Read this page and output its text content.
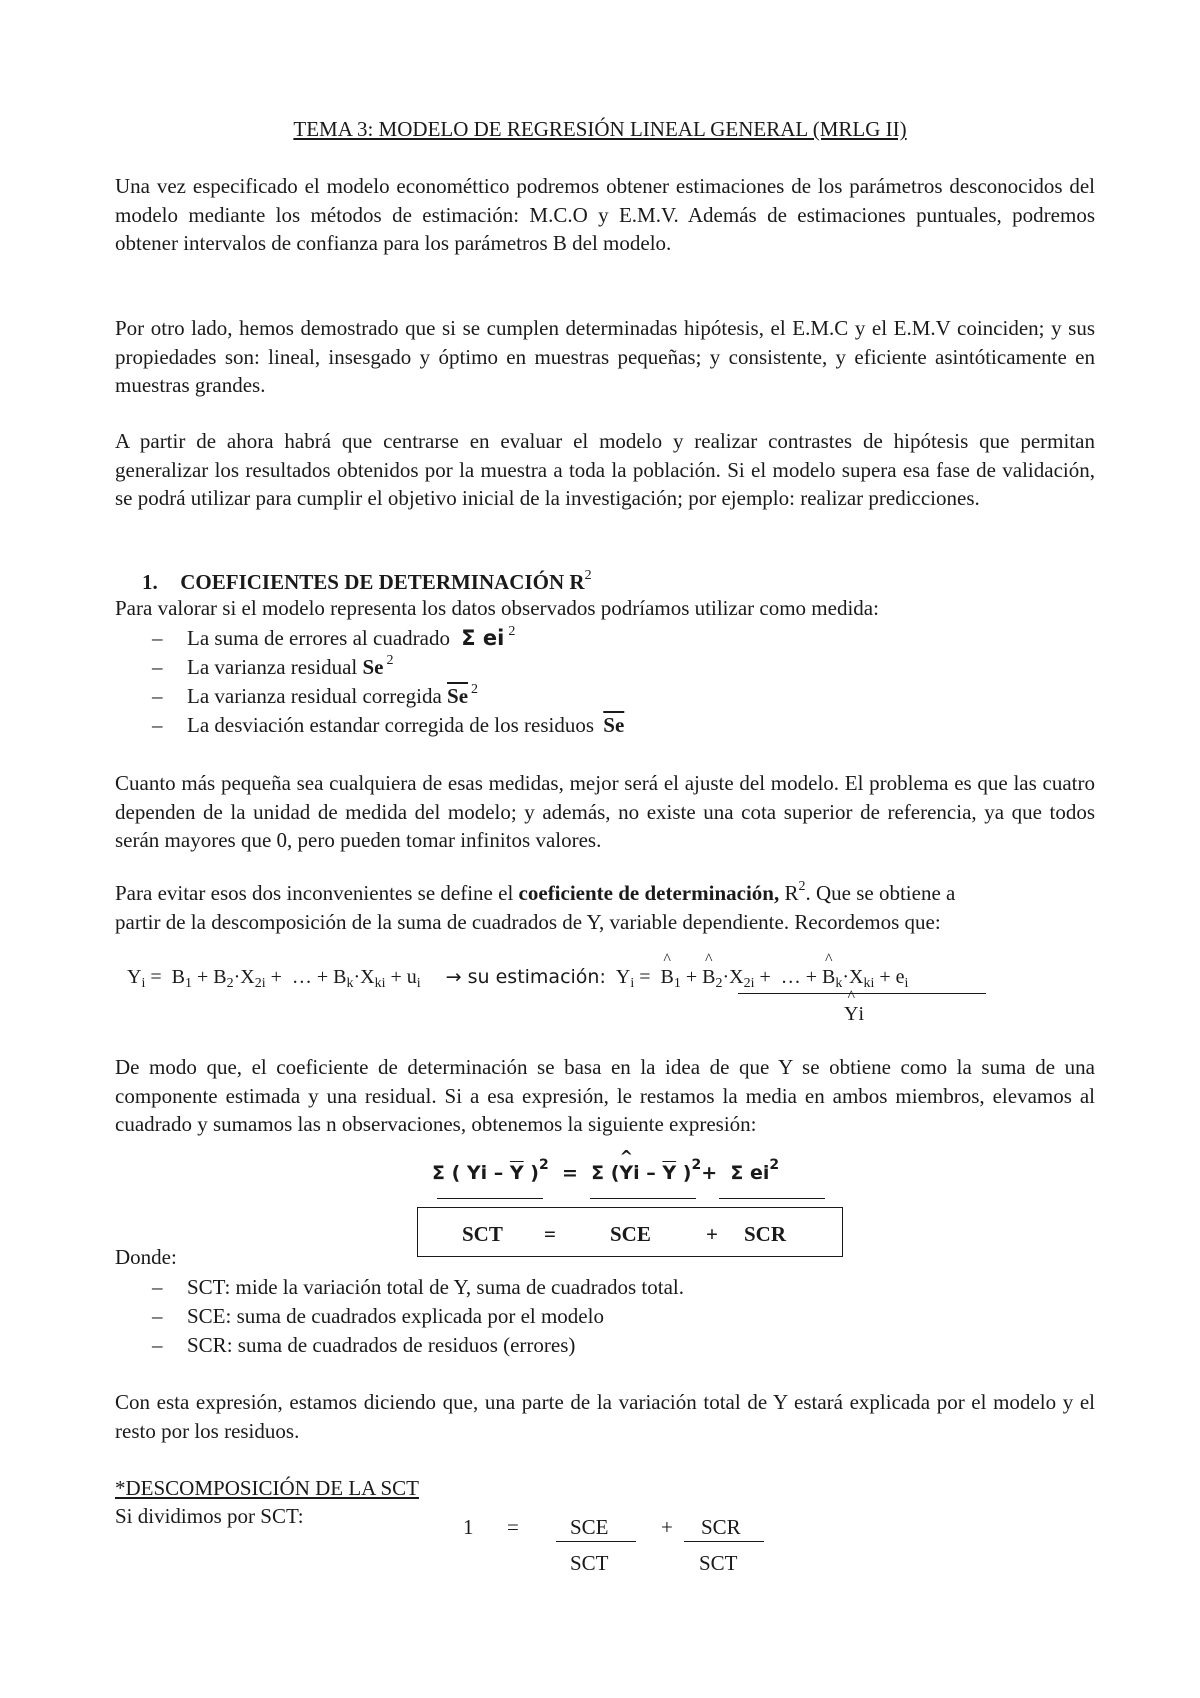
TEMA 3: MODELO DE REGRESIÓN LINEAL GENERAL (MRLG II)
Una vez especificado el modelo econométtico podremos obtener estimaciones de los parámetros desconocidos del modelo mediante los métodos de estimación: M.C.O y E.M.V. Además de estimaciones puntuales, podremos obtener intervalos de confianza para los parámetros B del modelo.
Por otro lado, hemos demostrado que si se cumplen determinadas hipótesis, el E.M.C y el E.M.V coinciden; y sus propiedades son: lineal, insesgado y óptimo en muestras pequeñas; y consistente, y eficiente asintóticamente en muestras grandes.
A partir de ahora habrá que centrarse en evaluar el modelo y realizar contrastes de hipótesis que permitan generalizar los resultados obtenidos por la muestra a toda la población. Si el modelo supera esa fase de validación, se podrá utilizar para cumplir el objetivo inicial de la investigación; por ejemplo: realizar predicciones.
1. COEFICIENTES DE DETERMINACIÓN $R^2$
Para valorar si el modelo representa los datos observados podríamos utilizar como medida:
– La suma de errores al cuadrado Σ ei $^2$
– La varianza residual Se $^2$
– La varianza residual corregida $\overline{Se}$ $^2$
– La desviación estandar corregida de los residuos $\overline{Se}$
Cuanto más pequeña sea cualquiera de esas medidas, mejor será el ajuste del modelo. El problema es que las cuatro dependen de la unidad de medida del modelo; y además, no existe una cota superior de referencia, ya que todos serán mayores que 0, pero pueden tomar infinitos valores.
Para evitar esos dos inconvenientes se define el coeficiente de determinación, $R^2$. Que se obtiene a
partir de la descomposición de la suma de cuadrados de Y, variable dependiente. Recordemos que:
$Y_i = B_1 + B_2\cdot X_{2i}$ +  … + $B_k\cdot X_{ki} + u_i$ → su estimación:  $Y_i$ =  ^ $B_1$ + ^ $B_2\cdot X_{2i}$ +  … + ^ $B_k\cdot X_{ki} + e_i$
^ Yi
De modo que, el coeficiente de determinación se basa en la idea de que Y se obtiene como la suma de una componente estimada y una residual. Si a esa expresión, le restamos la media en ambos miembros, elevamos al cuadrado y sumamos las n observaciones, obtenemos la siguiente expresión:
Σ ( Yi – $\overline{Y}$ )$^2$  =  Σ (^ Yi – $\overline{Y}$ )$^2$+  Σ $ei^2$
SCT =	SCE	+ SCR
Donde:
– SCT: mide la variación total de Y, suma de cuadrados total.
– SCE: suma de cuadrados explicada por el modelo
– SCR: suma de cuadrados de residuos (errores)
Con esta expresión, estamos diciendo que, una parte de la variación total de Y estará explicada por el modelo y el resto por los residuos.
*DESCOMPOSICIÓN DE LA SCT
Si dividimos por SCT:	1 = SCE
SCT
+ SCR
SCT
